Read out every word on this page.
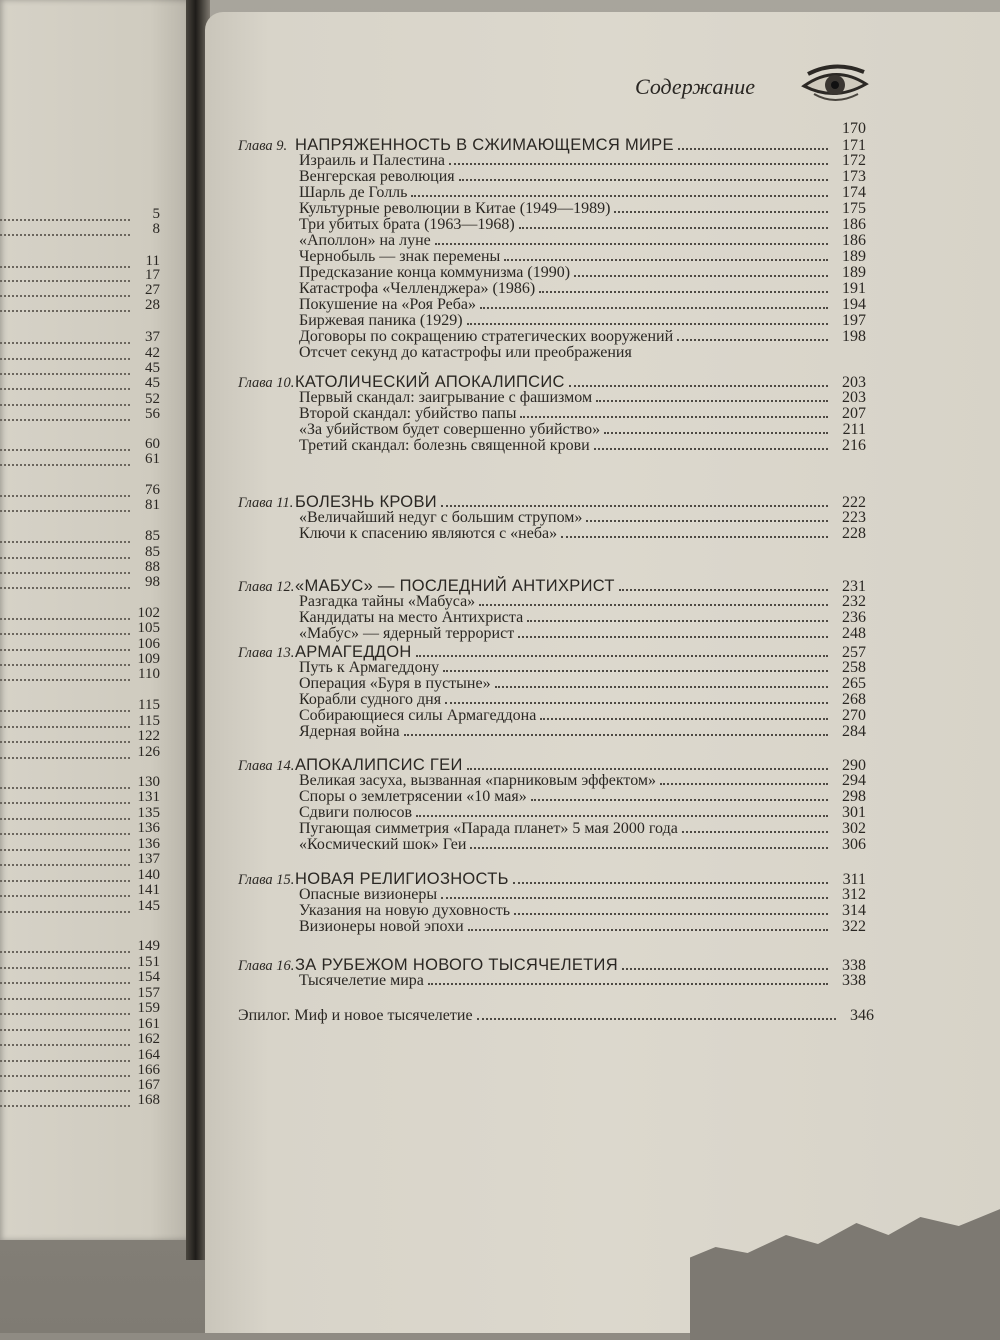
5
8
11
17
27
28
37
42
45
45
52
56
60
61
76
81
85
85
88
98
102
105
106
109
110
115
115
122
126
130
131
135
136
136
137
140
141
145
149
151
154
157
159
161
162
164
166
167
168
Содержание
170
Глава 9. НАПРЯЖЕННОСТЬ В СЖИМАЮЩЕМСЯ МИРЕ	171
Израиль и Палестина	172
Венгерская революция	173
Шарль де Голль	174
Культурные революции в Китае (1949—1989)	175
Три убитых брата (1963—1968)	186
«Аполлон» на луне	186
Чернобыль — знак перемены	189
Предсказание конца коммунизма (1990)	189
Катастрофа «Челленджера» (1986)	191
Покушение на «Роя Реба»	194
Биржевая паника (1929)	197
Договоры по сокращению стратегических вооружений	198
Отсчет секунд до катастрофы или преображения
Глава 10. КАТОЛИЧЕСКИЙ АПОКАЛИПСИС	203
Первый скандал: заигрывание с фашизмом	203
Второй скандал: убийство папы	207
«За убийством будет совершенно убийство»	211
Третий скандал: болезнь священной крови	216
Глава 11. БОЛЕЗНЬ КРОВИ	222
«Величайший недуг с большим струпом»	223
Ключи к спасению являются с «неба»	228
Глава 12. «МАБУС» — ПОСЛЕДНИЙ АНТИХРИСТ	231
Разгадка тайны «Мабуса»	232
Кандидаты на место Антихриста	236
«Мабус» — ядерный террорист	248
Глава 13. АРМАГЕДДОН	257
Путь к Армагеддону	258
Операция «Буря в пустыне»	265
Корабли судного дня	268
Собирающиеся силы Армагеддона	270
Ядерная война	284
Глава 14. АПОКАЛИПСИС ГЕИ	290
Великая засуха, вызванная «парниковым эффектом»	294
Споры о землетрясении «10 мая»	298
Сдвиги полюсов	301
Пугающая симметрия «Парада планет» 5 мая 2000 года	302
«Космический шок» Геи	306
Глава 15. НОВАЯ РЕЛИГИОЗНОСТЬ	311
Опасные визионеры	312
Указания на новую духовность	314
Визионеры новой эпохи	322
Глава 16. ЗА РУБЕЖОМ НОВОГО ТЫСЯЧЕЛЕТИЯ	338
Тысячелетие мира	338
Эпилог. Миф и новое тысячелетие	346
